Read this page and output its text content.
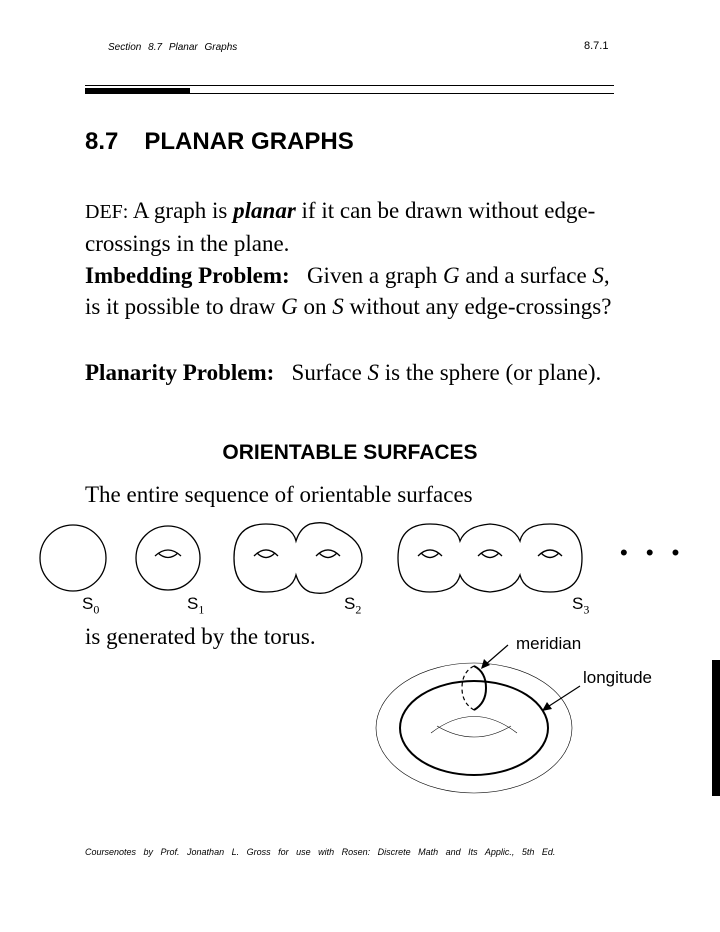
Section 8.7 Planar Graphs	8.7.1
8.7 PLANAR GRAPHS
DEF: A graph is planar if it can be drawn without edge-crossings in the plane.
Imbedding Problem: Given a graph G and a surface S, is it possible to draw G on S without any edge-crossings?
Planarity Problem: Surface S is the sphere (or plane).
ORIENTABLE SURFACES
The entire sequence of orientable surfaces
• • •
$S_0$	$S_1$	$S_2$	$S_3$
is generated by the torus.	meridian
longitude
Coursenotes by Prof. Jonathan L. Gross for use with Rosen: Discrete Math and Its Applic., 5th Ed.
